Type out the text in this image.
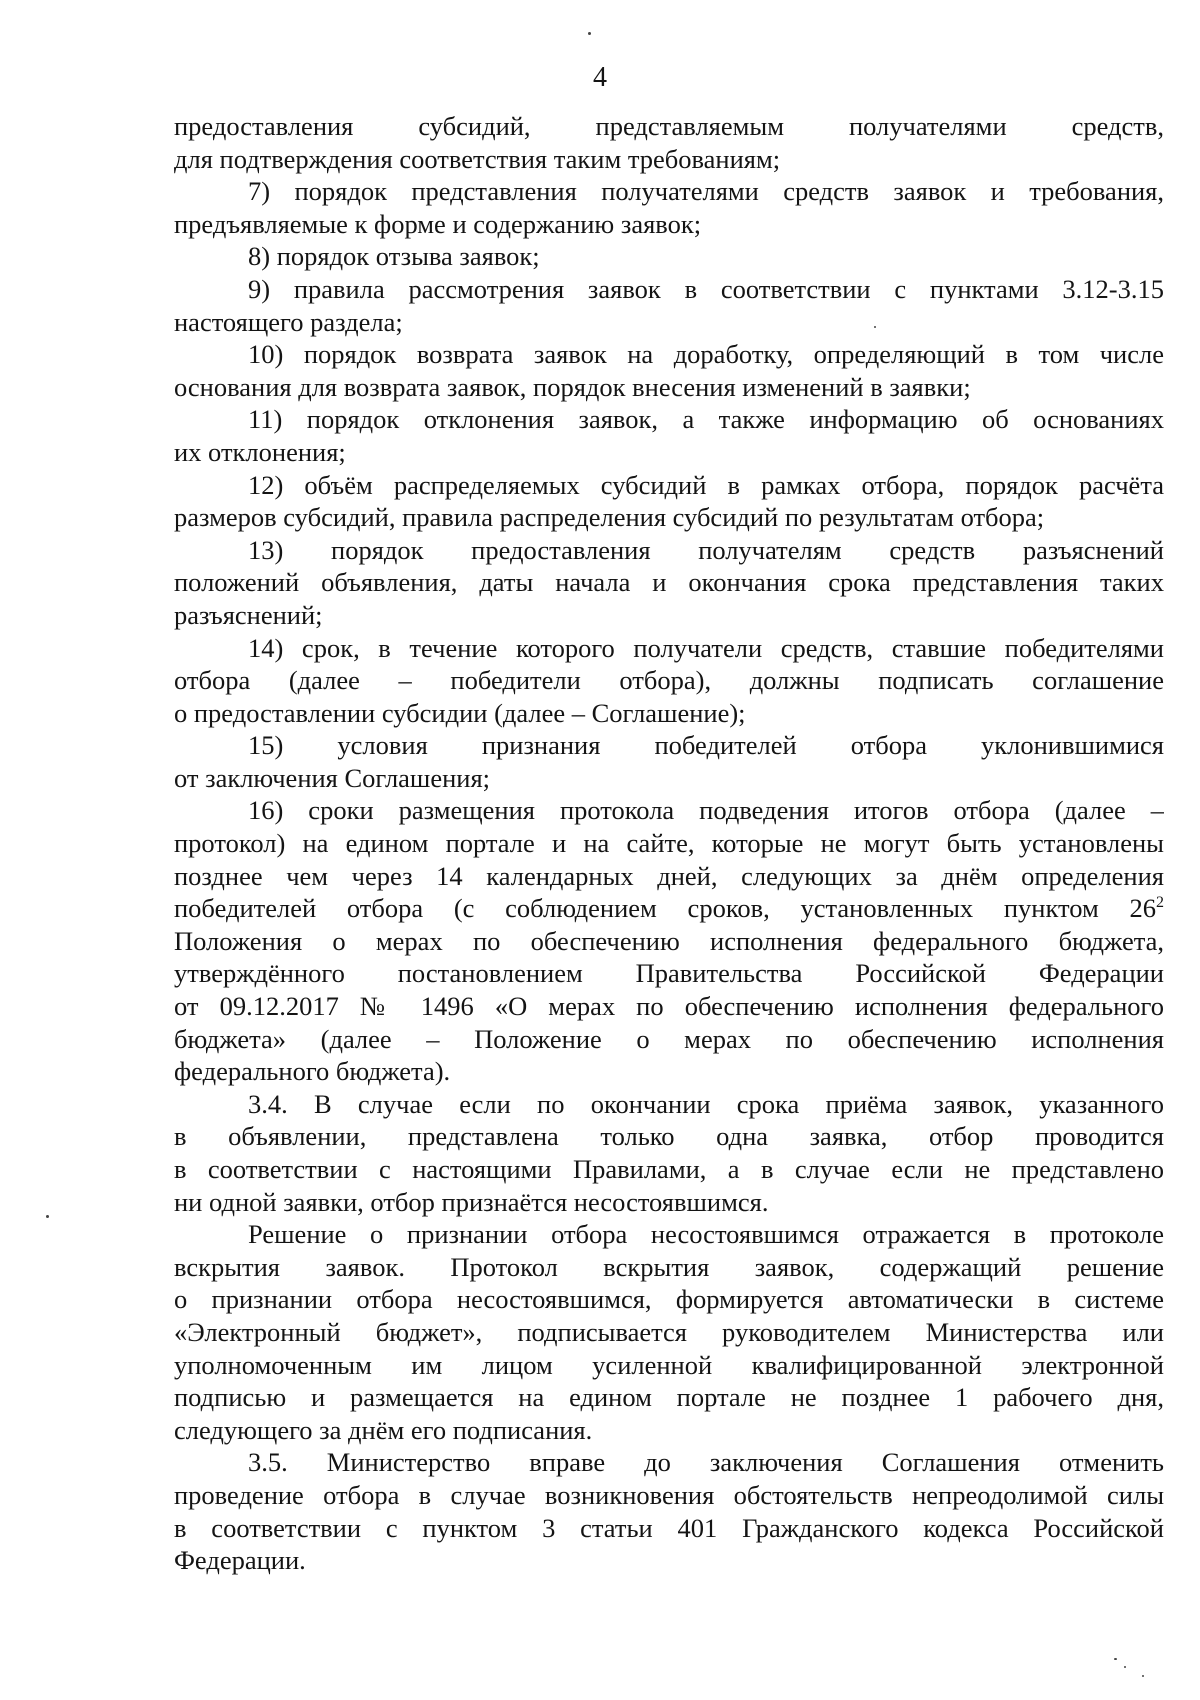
4

предоставления субсидий, представляемым получателями средств,
для подтверждения соответствия таким требованиям;

7) порядок представления получателями средств заявок и требования,
предъявляемые к форме и содержанию заявок;

8) порядок отзыва заявок;

9) правила рассмотрения заявок в соответствии с пунктами 3.12-3.15
настоящего раздела;

10) порядок возврата заявок на доработку, определяющий в том числе
основания для возврата заявок, порядок внесения изменений в заявки;

11) порядок отклонения заявок, а также информацию об основаниях
их отклонения;

12) объём распределяемых субсидий в рамках отбора, порядок расчёта
размеров субсидий, правила распределения субсидий по результатам отбора;

13) порядок предоставления получателям средств разъяснений
положений объявления, даты начала и окончания срока представления таких
разъяснений;

14) срок, в течение которого получатели средств, ставшие победителями
отбора (далее – победители отбора), должны подписать соглашение
о предоставлении субсидии (далее – Соглашение);

15) условия признания победителей отбора уклонившимися
от заключения Соглашения;

16) сроки размещения протокола подведения итогов отбора (далее –
протокол) на едином портале и на сайте, которые не могут быть установлены
позднее чем через 14 календарных дней, следующих за днём определения
победителей отбора (с соблюдением сроков, установленных пунктом $26^2$
Положения о мерах по обеспечению исполнения федерального бюджета,
утверждённого постановлением Правительства Российской Федерации
от 09.12.2017 № 1496 «О мерах по обеспечению исполнения федерального
бюджета» (далее – Положение о мерах по обеспечению исполнения
федерального бюджета).

3.4. В случае если по окончании срока приёма заявок, указанного
в объявлении, представлена только одна заявка, отбор проводится
в соответствии с настоящими Правилами, а в случае если не представлено
ни одной заявки, отбор признаётся несостоявшимся.

Решение о признании отбора несостоявшимся отражается в протоколе
вскрытия заявок. Протокол вскрытия заявок, содержащий решение
о признании отбора несостоявшимся, формируется автоматически в системе
«Электронный бюджет», подписывается руководителем Министерства или
уполномоченным им лицом усиленной квалифицированной электронной
подписью и размещается на едином портале не позднее 1 рабочего дня,
следующего за днём его подписания.

3.5. Министерство вправе до заключения Соглашения отменить
проведение отбора в случае возникновения обстоятельств непреодолимой силы
в соответствии с пунктом 3 статьи 401 Гражданского кодекса Российской
Федерации.
